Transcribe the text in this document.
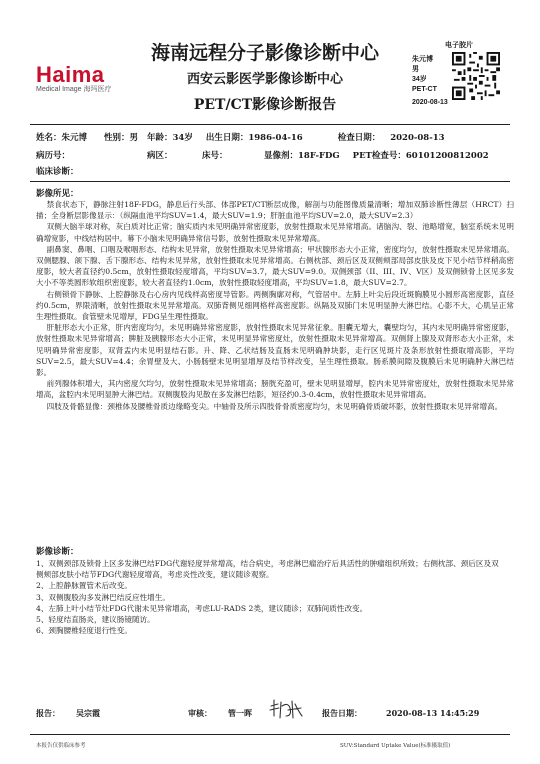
Haima
Medical Image 海玛医疗
海南远程分子影像诊断中心
西安云影医学影像诊断中心
PET/CT影像诊断报告
电子胶片
朱元博
男
34岁
PET-CT
2020-08-13
姓名：朱元博 性别：男 年龄：34岁 出生日期：1986-04-16	检查日期： 2020-08-13
病历号：	病区：	床号：	显像剂：18F-FDG PET检查号：60101200812002
临床诊断：
影像所见：

禁食状态下，静脉注射18F-FDG，静息后行头部、体部PET/CT断层成像，解剖与功能图像质量清晰；增加双肺诊断性薄层（HRCT）扫描；全身断层影像显示：（纵隔血池平均SUV=1.4，最大SUV=1.9；肝脏血池平均SUV=2.0，最大SUV=2.3）

双侧大脑半球对称，灰白质对比正常；脑实质内未见明确异常密度影，放射性摄取未见异常增高。诸脑沟、裂、池略增宽，脑室系统未见明确增宽影，中线结构居中。幕下小脑未见明确异常信号影，放射性摄取未见异常增高。

副鼻窦、鼻咽、口咽及喉咽形态、结构未见异常，放射性摄取未见异常增高；甲状腺形态大小正常，密度均匀，放射性摄取未见异常增高。双侧腮腺、颌下腺、舌下腺形态、结构未见异常，放射性摄取未见异常增高。右侧枕部、颈后区及双侧颊部局部皮肤及皮下见小结节样稍高密度影，较大者直径约0.5cm，放射性摄取轻度增高，平均SUV=3.7，最大SUV=9.0。双侧颈部（II、III、IV、V区）及双侧锁骨上区见多发大小不等类圆形软组织密度影，较大者直径约1.0cm，放射性摄取轻度增高，平均SUV=1.8，最大SUV=2.7。

右侧锁骨下静脉、上腔静脉及右心房内见线样高密度导管影。两侧胸廓对称，气管居中。左肺上叶尖后段近斑胸膜见小圆形高密度影，直径约0.5cm，界限清晰，放射性摄取未见异常增高。双肺背侧见细网格样高密度影。纵隔及双肺门未见明显肿大淋巴结。心影不大，心肌呈正常生理性摄取。食管壁未见增厚，FDG呈生理性摄取。

肝脏形态大小正常，肝内密度均匀，未见明确异常密度影，放射性摄取未见异常征象。胆囊无增大，囊壁均匀，其内未见明确异常密度影，放射性摄取未见异常增高；脾脏及胰腺形态大小正常，未见明显异常密度灶，放射性摄取未见异常增高。双侧肾上腺及双肾形态大小正常，未见明确异常密度影，双肾盂内未见明显结石影。升、降、乙状结肠及直肠未见明确肿块影，走行区见斑片及条形放射性摄取增高影，平均SUV=2.5，最大SUV=4.4；余胃壁及大、小肠肠壁未见明显增厚及结节样改变，呈生理性摄取。肠系膜间隙及腹膜后未见明确肿大淋巴结影。

前列腺体积增大，其内密度欠均匀，放射性摄取未见异常增高；膀胱充盈可，壁未见明显增厚，腔内未见异常密度灶，放射性摄取未见异常增高，盆腔内未见明显肿大淋巴结。双侧腹股沟见散在多发淋巴结影，短径约0.3-0.4cm，放射性摄取未见异常增高。

四肢及骨骼显像：颈椎体及腰椎骨质边缘略变尖。中轴骨及所示四肢骨骨质密度均匀，未见明确骨质破坏影，放射性摄取未见异常增高。

影像诊断：

1、双侧颈部及锁骨上区多发淋巴结FDG代谢轻度异常增高，结合病史，考虑淋巴瘤治疗后具活性的肿瘤组织所致；右侧枕部、颈后区及双侧颊部皮肤小结节FDG代谢轻度增高，考虑炎性改变，建议随诊观察。

2、上腔静脉置管术后改变。

3、双侧腹股沟多发淋巴结反应性增生。

4、左肺上叶小结节灶FDG代谢未见异常增高，考虑LU-RADS 2类，建议随诊；双肺间质性改变。

5、轻度结直肠炎，建议肠镜随访。

6、颈胸腰椎轻度退行性变。

报告： 吴宗霞	审核： 管一晖	报告日期：	2020-08-13 14:45:29
本报告仅供临床参考	SUV:Standard Uptake Value(标准摄取值)
